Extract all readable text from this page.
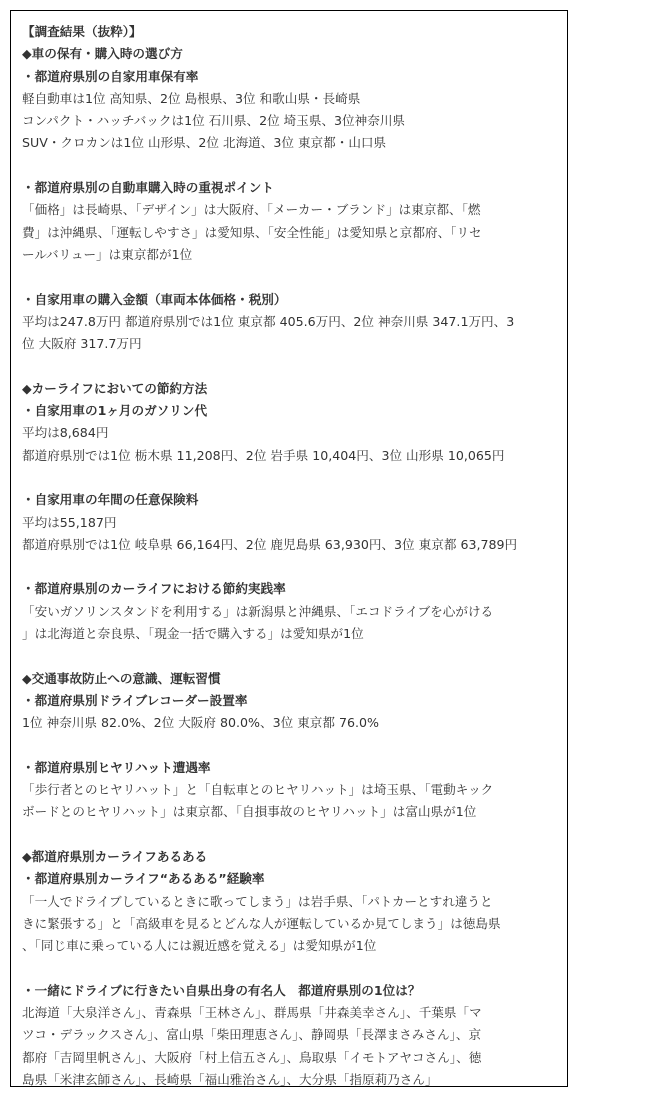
【調査結果（抜粋）】
◆車の保有・購入時の選び方
・都道府県別の自家用車保有率
軽自動車は1位 高知県、2位 島根県、3位 和歌山県・長崎県
コンパクト・ハッチバックは1位 石川県、2位 埼玉県、3位神奈川県
SUV・クロカンは1位 山形県、2位 北海道、3位 東京都・山口県
・都道府県別の自動車購入時の重視ポイント
「価格」は長崎県、「デザイン」は大阪府、「メーカー・ブランド」は東京都、「燃
費」は沖縄県、「運転しやすさ」は愛知県、「安全性能」は愛知県と京都府、「リセ
ールバリュー」は東京都が1位
・自家用車の購入金額（車両本体価格・税別）
平均は247.8万円 都道府県別では1位 東京都 405.6万円、2位 神奈川県 347.1万円、3
位 大阪府 317.7万円
◆カーライフにおいての節約方法
・自家用車の1ヶ月のガソリン代
平均は8,684円
都道府県別では1位 栃木県 11,208円、2位 岩手県 10,404円、3位 山形県 10,065円
・自家用車の年間の任意保険料
平均は55,187円
都道府県別では1位 岐阜県 66,164円、2位 鹿児島県 63,930円、3位 東京都 63,789円
・都道府県別のカーライフにおける節約実践率
「安いガソリンスタンドを利用する」は新潟県と沖縄県、「エコドライブを心がける
」は北海道と奈良県、「現金一括で購入する」は愛知県が1位
◆交通事故防止への意識、運転習慣
・都道府県別ドライブレコーダー設置率
1位 神奈川県 82.0%、2位 大阪府 80.0%、3位 東京都 76.0%
・都道府県別ヒヤリハット遭遇率
「歩行者とのヒヤリハット」と「自転車とのヒヤリハット」は埼玉県、「電動キック
ボードとのヒヤリハット」は東京都、「自損事故のヒヤリハット」は富山県が1位
◆都道府県別カーライフあるある
・都道府県別カーライフ“あるある”経験率
「一人でドライブしているときに歌ってしまう」は岩手県、「パトカーとすれ違うと
きに緊張する」と「高級車を見るとどんな人が運転しているか見てしまう」は徳島県
、「同じ車に乗っている人には親近感を覚える」は愛知県が1位
・一緒にドライブに行きたい自県出身の有名人　都道府県別の1位は？
北海道「大泉洋さん」、青森県「王林さん」、群馬県「井森美幸さん」、千葉県「マ
ツコ・デラックスさん」、富山県「柴田理恵さん」、静岡県「長澤まさみさん」、京
都府「吉岡里帆さん」、大阪府「村上信五さん」、鳥取県「イモトアヤコさん」、徳
島県「米津玄師さん」、長崎県「福山雅治さん」、大分県「指原莉乃さん」
